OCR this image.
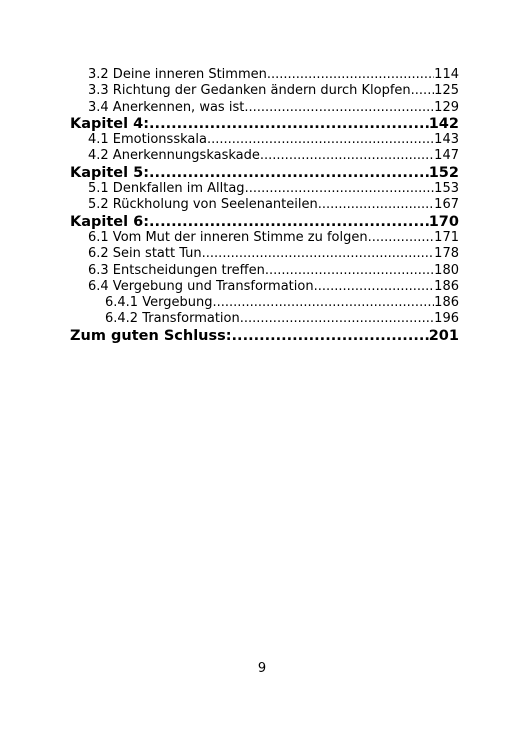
3.2 Deine inneren Stimmen .....	114
3.3 Richtung der Gedanken ändern durch Klopfen. ..... 125
3.4 Anerkennen, was ist .....	129
Kapitel 4: .....	142
4.1 Emotionsskala .....	143
4.2 Anerkennungskaskade .....	147
Kapitel 5: .....	152
5.1 Denkfallen im Alltag .....	153
5.2 Rückholung von Seelenanteilen .....	167
Kapitel 6: .....	170
6.1 Vom Mut der inneren Stimme zu folgen .....	171
6.2 Sein statt Tun .....	178
6.3 Entscheidungen treffen .....	180
6.4 Vergebung und Transformation .....	186
6.4.1 Vergebung .....	186
6.4.2 Transformation .....	196
Zum guten Schluss: .....	201
9
